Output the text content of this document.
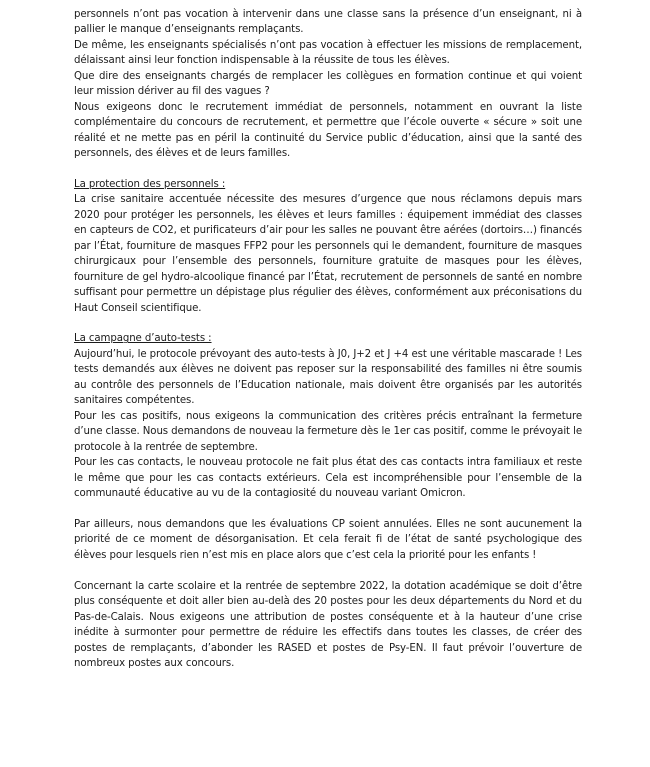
personnels n’ont pas vocation à intervenir dans une classe sans la présence d’un enseignant, ni à pallier le manque d’enseignants remplaçants.

De même, les enseignants spécialisés n’ont pas vocation à effectuer les missions de remplacement, délaissant ainsi leur fonction indispensable à la réussite de tous les élèves.

Que dire des enseignants chargés de remplacer les collègues en formation continue et qui voient leur mission dériver au fil des vagues ?

Nous exigeons donc le recrutement immédiat de personnels, notamment en ouvrant la liste complémentaire du concours de recrutement, et permettre que l’école ouverte « sécure » soit une réalité et ne mette pas en péril la continuité du Service public d’éducation, ainsi que la santé des personnels, des élèves et de leurs familles.

La protection des personnels :

La crise sanitaire accentuée nécessite des mesures d’urgence que nous réclamons depuis mars 2020 pour protéger les personnels, les élèves et leurs familles : équipement immédiat des classes en capteurs de CO2, et purificateurs d’air pour les salles ne pouvant être aérées (dortoirs…) financés par l’État, fourniture de masques FFP2 pour les personnels qui le demandent, fourniture de masques chirurgicaux pour l’ensemble des personnels, fourniture gratuite de masques pour les élèves, fourniture de gel hydro-alcoolique financé par l’État, recrutement de personnels de santé en nombre suffisant pour permettre un dépistage plus régulier des élèves, conformément aux préconisations du Haut Conseil scientifique.

La campagne d’auto-tests :

Aujourd’hui, le protocole prévoyant des auto-tests à J0, J+2 et J +4 est une véritable mascarade ! Les tests demandés aux élèves ne doivent pas reposer sur la responsabilité des familles ni être soumis au contrôle des personnels de l’Education nationale, mais doivent être organisés par les autorités sanitaires compétentes.

Pour les cas positifs, nous exigeons la communication des critères précis entraînant la fermeture d’une classe. Nous demandons de nouveau la fermeture dès le 1er cas positif, comme le prévoyait le protocole à la rentrée de septembre.

Pour les cas contacts, le nouveau protocole ne fait plus état des cas contacts intra familiaux et reste le même que pour les cas contacts extérieurs. Cela est incompréhensible pour l’ensemble de la communauté éducative au vu de la contagiosité du nouveau variant Omicron.

Par ailleurs, nous demandons que les évaluations CP soient annulées. Elles ne sont aucunement la priorité de ce moment de désorganisation. Et cela ferait fi de l’état de santé psychologique des élèves pour lesquels rien n’est mis en place alors que c’est cela la priorité pour les enfants !

Concernant la carte scolaire et la rentrée de septembre 2022, la dotation académique se doit d’être plus conséquente et doit aller bien au-delà des 20 postes pour les deux départements du Nord et du Pas-de-Calais. Nous exigeons une attribution de postes conséquente et à la hauteur d’une crise inédite à surmonter pour permettre de réduire les effectifs dans toutes les classes, de créer des postes de remplaçants, d’abonder les RASED et postes de Psy-EN. Il faut prévoir l’ouverture de nombreux postes aux concours.
